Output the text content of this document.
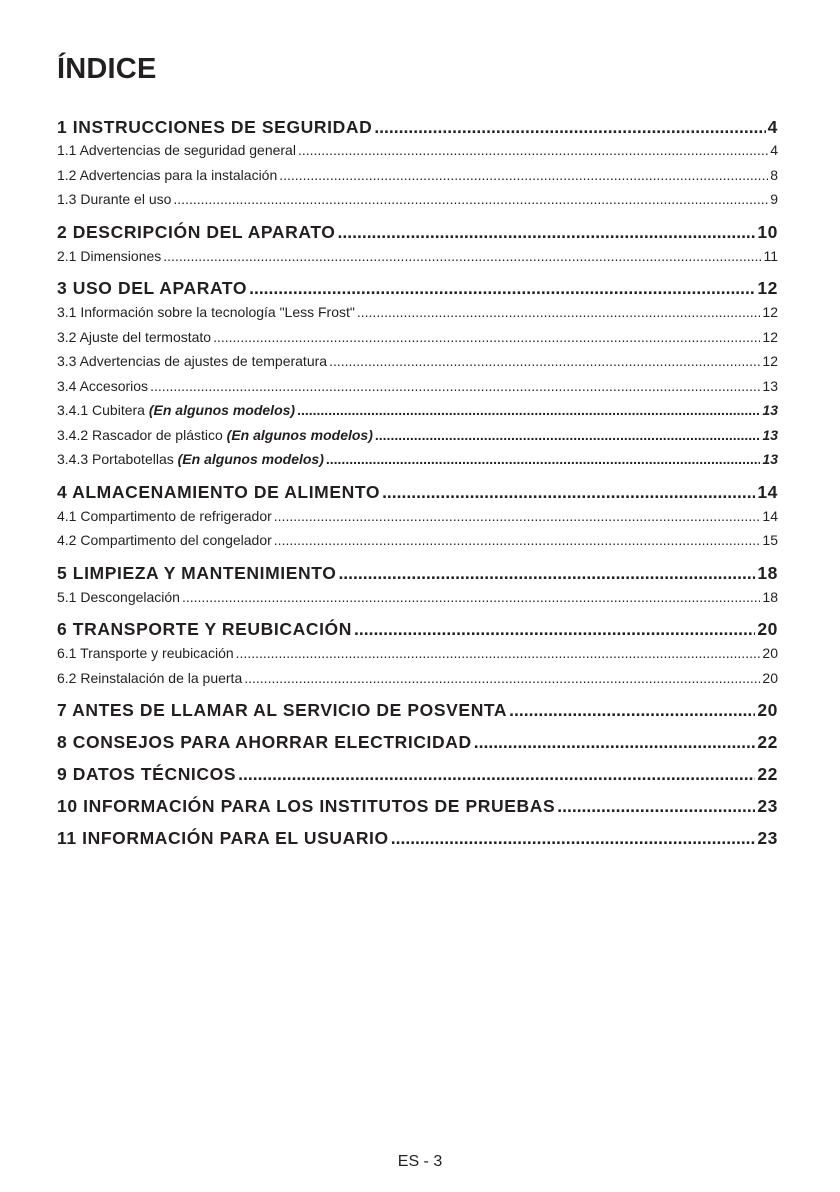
ÍNDICE
1 INSTRUCCIONES DE SEGURIDAD .....	4
1.1 Advertencias de seguridad general .....	4
1.2 Advertencias para la instalación .....	8
1.3 Durante el uso .....	9
2 DESCRIPCIÓN DEL APARATO .....	10
2.1 Dimensiones .....	11
3 USO DEL APARATO .....	12
3.1 Información sobre la tecnología "Less Frost" .....	12
3.2 Ajuste del termostato .....	12
3.3 Advertencias de ajustes de temperatura .....	12
3.4 Accesorios .....	13
3.4.1 Cubitera (En algunos modelos) .....	13
3.4.2 Rascador de plástico (En algunos modelos) .....	13
3.4.3 Portabotellas (En algunos modelos) .....	13
4 ALMACENAMIENTO DE ALIMENTO .....	14
4.1 Compartimento de refrigerador .....	14
4.2 Compartimento del congelador .....	15
5 LIMPIEZA Y MANTENIMIENTO .....	18
5.1 Descongelación .....	18
6 TRANSPORTE Y REUBICACIÓN .....	20
6.1 Transporte y reubicación .....	20
6.2 Reinstalación de la puerta .....	20
7 ANTES DE LLAMAR AL SERVICIO DE POSVENTA .....	20
8 CONSEJOS PARA AHORRAR ELECTRICIDAD .....	22
9 DATOS TÉCNICOS .....	22
10 INFORMACIÓN PARA LOS INSTITUTOS DE PRUEBAS .....	23
11 INFORMACIÓN PARA EL USUARIO .....	23
ES - 3
